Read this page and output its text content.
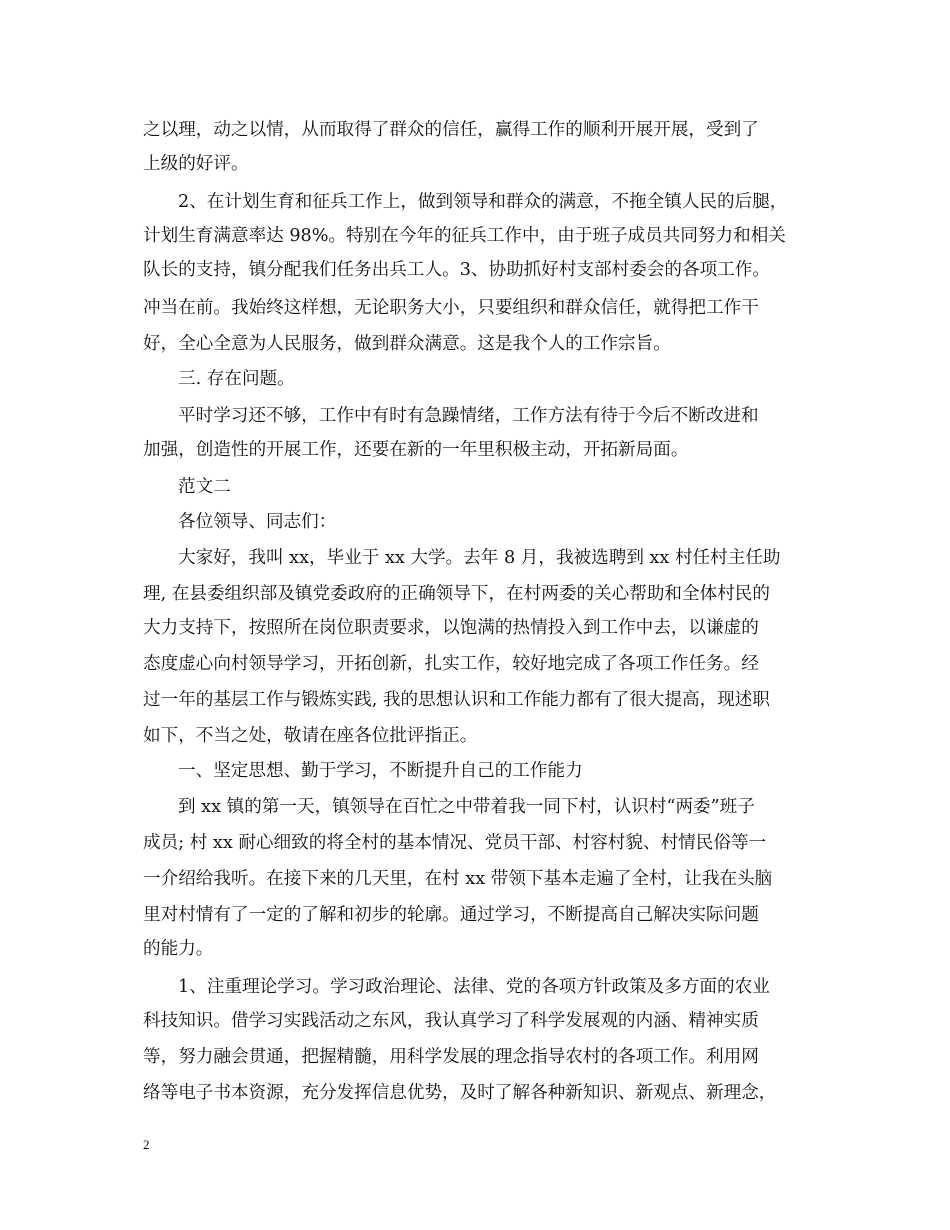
之以理，动之以情，从而取得了群众的信任，赢得工作的顺利开展开展，受到了
上级的好评。
2、在计划生育和征兵工作上，做到领导和群众的满意，不拖全镇人民的后腿，
计划生育满意率达 98%。特别在今年的征兵工作中，由于班子成员共同努力和相关
队长的支持，镇分配我们任务出兵工人。3、协助抓好村支部村委会的各项工作。
冲当在前。我始终这样想，无论职务大小，只要组织和群众信任，就得把工作干
好，全心全意为人民服务，做到群众满意。这是我个人的工作宗旨。
三. 存在问题。
平时学习还不够，工作中有时有急躁情绪，工作方法有待于今后不断改进和
加强，创造性的开展工作，还要在新的一年里积极主动，开拓新局面。
范文二
各位领导、同志们：
大家好，我叫 xx，毕业于 xx 大学。去年 8 月，我被选聘到 xx 村任村主任助
理, 在县委组织部及镇党委政府的正确领导下，在村两委的关心帮助和全体村民的
大力支持下，按照所在岗位职责要求，以饱满的热情投入到工作中去，以谦虚的
态度虚心向村领导学习，开拓创新，扎实工作，较好地完成了各项工作任务。经
过一年的基层工作与锻炼实践, 我的思想认识和工作能力都有了很大提高，现述职
如下，不当之处，敬请在座各位批评指正。
一、坚定思想、勤于学习，不断提升自己的工作能力
到 xx 镇的第一天，镇领导在百忙之中带着我一同下村，认识村“两委”班子
成员; 村 xx 耐心细致的将全村的基本情况、党员干部、村容村貌、村情民俗等一
一介绍给我听。在接下来的几天里，在村 xx 带领下基本走遍了全村，让我在头脑
里对村情有了一定的了解和初步的轮廓。通过学习，不断提高自己解决实际问题
的能力。
1、注重理论学习。学习政治理论、法律、党的各项方针政策及多方面的农业
科技知识。借学习实践活动之东风，我认真学习了科学发展观的内涵、精神实质
等，努力融会贯通，把握精髓，用科学发展的理念指导农村的各项工作。利用网
络等电子书本资源，充分发挥信息优势，及时了解各种新知识、新观点、新理念，
2
